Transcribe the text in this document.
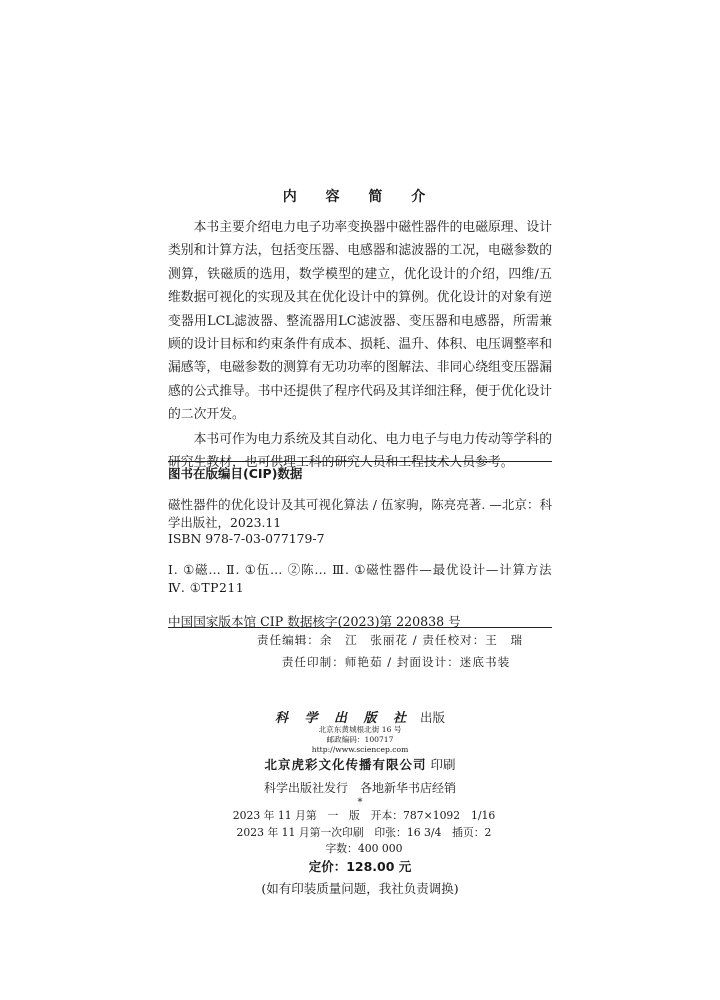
内 容 简 介

本书主要介绍电力电子功率变换器中磁性器件的电磁原理、设计类别和计算方法，包括变压器、电感器和滤波器的工况，电磁参数的测算，铁磁质的选用，数学模型的建立，优化设计的介绍，四维/五维数据可视化的实现及其在优化设计中的算例。优化设计的对象有逆变器用LCL滤波器、整流器用LC滤波器、变压器和电感器，所需兼顾的设计目标和约束条件有成本、损耗、温升、体积、电压调整率和漏感等，电磁参数的测算有无功功率的图解法、非同心绕组变压器漏感的公式推导。书中还提供了程序代码及其详细注释，便于优化设计的二次开发。

本书可作为电力系统及其自动化、电力电子与电力传动等学科的研究生教材，也可供理工科的研究人员和工程技术人员参考。

图书在版编目(CIP)数据
磁性器件的优化设计及其可视化算法 / 伍家驹，陈亮亮著. —北京：科学出版社，2023.11
ISBN 978-7-03-077179-7
Ⅰ. ①磁… Ⅱ. ①伍… ②陈… Ⅲ. ①磁性器件—最优设计—计算方法 Ⅳ. ①TP211
中国国家版本馆 CIP 数据核字(2023)第 220838 号
责任编辑：余　江　张丽花 / 责任校对：王　瑞
责任印制：师艳茹 / 封面设计：迷底书装
科 学 出 版 社 出版
北京东黄城根北街 16 号
邮政编码：100717
http://www.sciencep.com
北京虎彩文化传播有限公司 印刷
科学出版社发行　各地新华书店经销
*
2023 年 11 月第　一　版　开本：787×1092　1/16
2023 年 11 月第一次印刷　印张：16 3/4　插页：2
字数：400 000
定价：128.00 元
(如有印装质量问题，我社负责调换)
